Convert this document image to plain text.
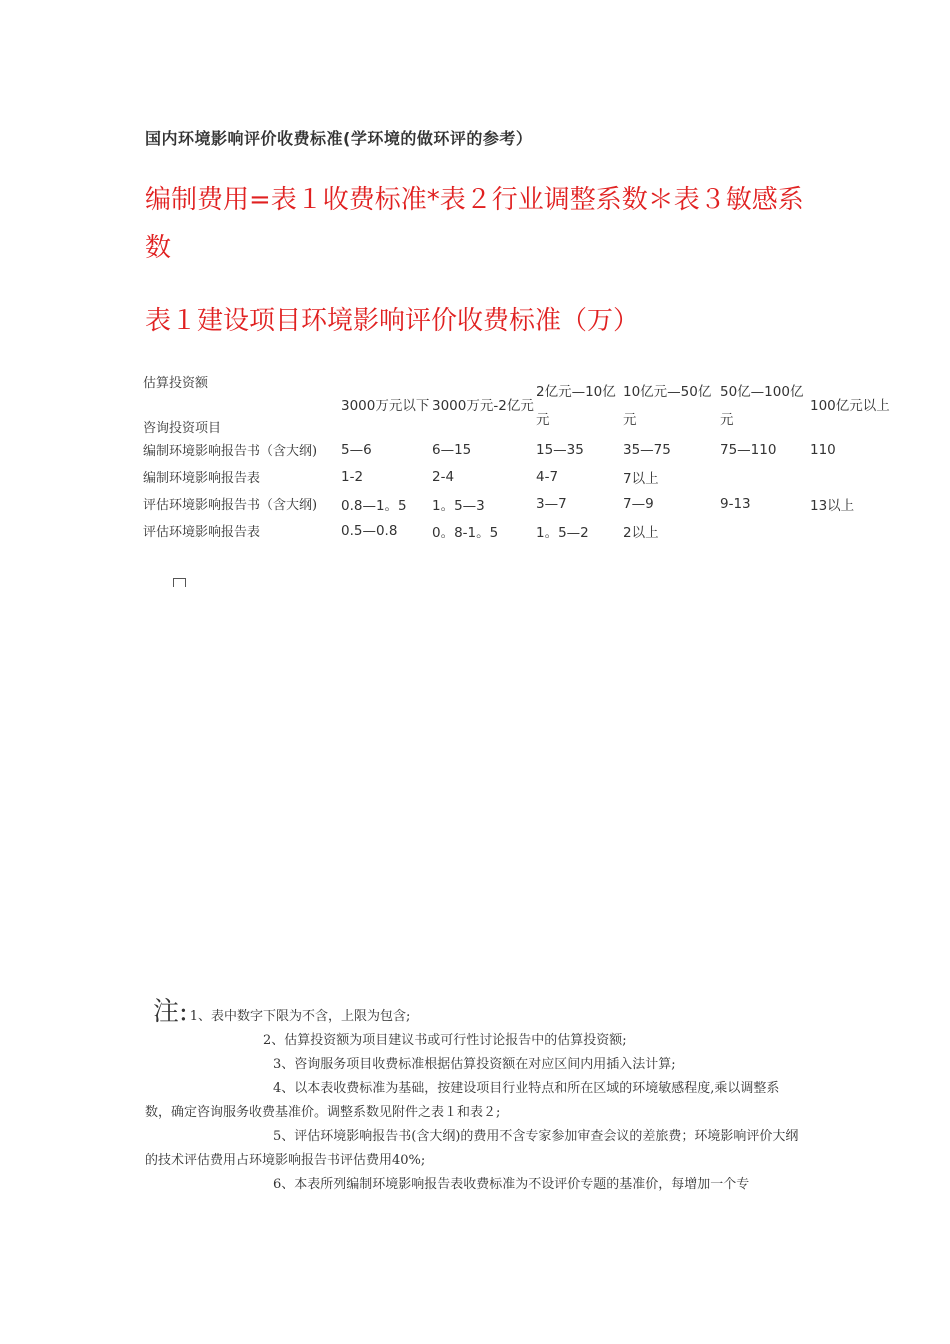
国内环境影响评价收费标准(学环境的做环评的参考）
编制费用=表１收费标准*表２行业调整系数＊表３敏感系数
表１建设项目环境影响评价收费标准（万）
估算投资额
咨询投资项目	3000万元以下	3000万元-2亿元	2亿元—10亿元	10亿元—50亿元	50亿—100亿元	100亿元以上

编制环境影响报告书（含大纲)	5—6	6—15	15—35	35—75	75—110	110
编制环境影响报告表	1-2	2-4	4-7	7以上		
评估环境影响报告书（含大纲)	0.8—1。5	1。5—3	3—7	7—9	9-13	13以上
评估环境影响报告表	0.5—0.8	0。8-1。5	1。5—2	2以上		
注: 1、表中数字下限为不含，上限为包含;
2、估算投资额为项目建议书或可行性讨论报告中的估算投资额;
3、咨询服务项目收费标准根据估算投资额在对应区间内用插入法计算;
4、以本表收费标准为基础，按建设项目行业特点和所在区域的环境敏感程度,乘以调整系数，确定咨询服务收费基准价。调整系数见附件之表１和表２;
5、评估环境影响报告书(含大纲)的费用不含专家参加审查会议的差旅费；环境影响评价大纲的技术评估费用占环境影响报告书评估费用40%;
6、本表所列编制环境影响报告表收费标准为不设评价专题的基准价，每增加一个专
